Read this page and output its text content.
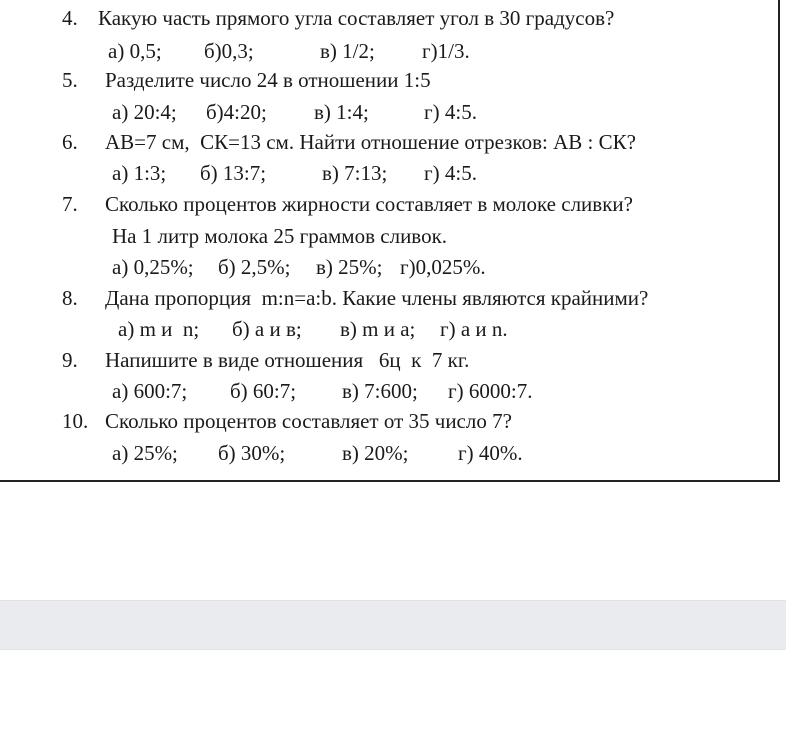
4. Какую часть прямого угла составляет угол в 30 градусов?
а) 0,5; б)0,3;	в) 1/2; г)1/3.
5. Разделите число 24 в отношении 1:5
а) 20:4; б)4:20; в) 1:4;	г) 4:5.
6. АВ=7 см,  СК=13 см. Найти отношение отрезков: АВ : СК?
а) 1:3; б) 13:7;	в) 7:13; г) 4:5.
7. Сколько процентов жирности составляет в молоке сливки?
На 1 литр молока 25 граммов сливок.
а) 0,25%; б) 2,5%; в) 25%; г)0,025%.
8. Дана пропорция  m:n=a:b. Какие члены являются крайними?
а) m и  n; б) а и в; в) m и a; г) а и n.
9. Напишите в виде отношения   6ц  к  7 кг.
а) 600:7; б) 60:7; в) 7:600; г) 6000:7.
10. Сколько процентов составляет от 35 число 7?
а) 25%; б) 30%;	в) 20%; г) 40%.
